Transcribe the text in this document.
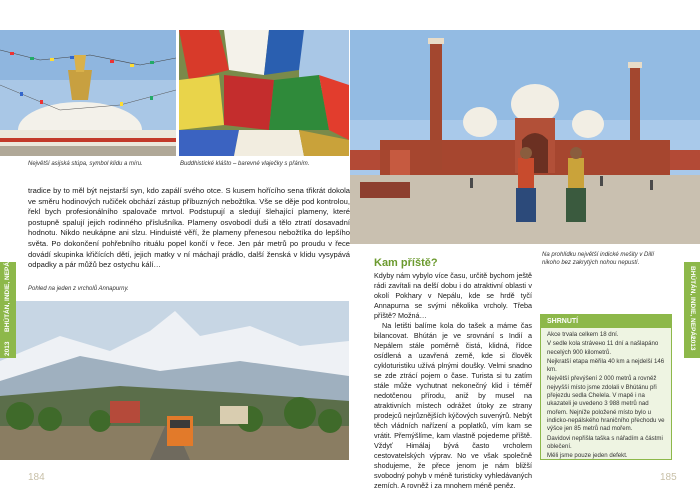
Největší asijská stúpa, symbol klidu a míru.	Buddhistické klášto – barevné vlaječky s přáním.

tradice by to měl být nejstarší syn, kdo zapálí svého otce. S kusem hořícího sena třikrát dokola ve směru hodinových ručiček obchází zástup příbuzných nebožtíka. Vše se děje pod kontrolou, řekl bych profesionálního spalovače mrtvol. Podstupují a sledují šlehající plameny, které postupně spalují jejich rodinného příslušníka. Plameny osvobodí duši a tělo ztratí dosavadní hodnotu. Nikdo neukápne ani slzu. Hinduisté věří, že plameny přenesou nebožtíka do lepšího světa. Po dokončení pohřebního rituálu popel končí v řece. Jen pár metrů po proudu v řece dovádí skupinka křičících dětí, jejich matky v ní máchají prádlo, další ženská v klidu vysypává odpadky a pár můžů bez ostychu kálí…

Pohled na jeden z vrcholů Annapurny.
BHÚTÁN, INDIE, NEPÁL
2013
184
Na prohlídku největší indické mešity v Dillí nikoho bez zakrytých nohou nepustí.
Kam příště?

Kdyby nám vybylo více času, určitě bychom ještě rádi zavítali na delší dobu i do atraktivní oblasti v okolí Pokhary v Nepálu, kde se hrdě tyčí Annapurna se svými několika vrcholy. Třeba příště? Možná…

Na letišti balíme kola do tašek a máme čas bilancovat. Bhútán je ve srovnání s Indií a Nepálem stále poměrně čistá, klidná, řídce osídlená a uzavřená země, kde si člověk cykloturistiku užívá plnými doušky. Velmi snadno se zde ztrácí pojem o čase. Turista si tu zatím stále může vychutnat nekonečný klid i téměř nedotčenou přírodu, aniž by musel na atraktivních místech odrážet útoky ze strany prodejců nejrůznějších kýčových suvenýrů. Nebýt těch vládních nařízení a poplatků, vím kam se vrátit. Přemýšlíme, kam vlastně pojedeme příště. Vždyť Himálaj bývá často vrcholem cestovatelských výprav. No ve však společně shodujeme, že přece jenom je nám bližší svobodný pohyb v méně turisticky vyhledávaných zemích. A rovněž i za mnohem méně peněz.

SHRNUTÍ

Akce trvala celkem 18 dní.

V sedle kola strávено 11 dní a našlapáno necelých 900 kilometrů.

Nejkratší etapa měřila 40 km a nejdelší 146 km.

Největší převýšení 2 000 metrů a rovněž nejvyšší místo jsme zdolali v Bhútánu při přejezdu sedla Chelela. V mapě i na ukazateli je uvedeno 3 988 metrů nad mořem. Nejníže položené místo bylo u indicko-nepálského hraničního přechodu ve výšce jen 85 metrů nad mořem.

Davidovi nepřišla taška s nářadím a částmi oblečení.

Měli jsme pouze jeden defekt.

BHÚTÁN, INDIE, NEPÁL
2013
185
